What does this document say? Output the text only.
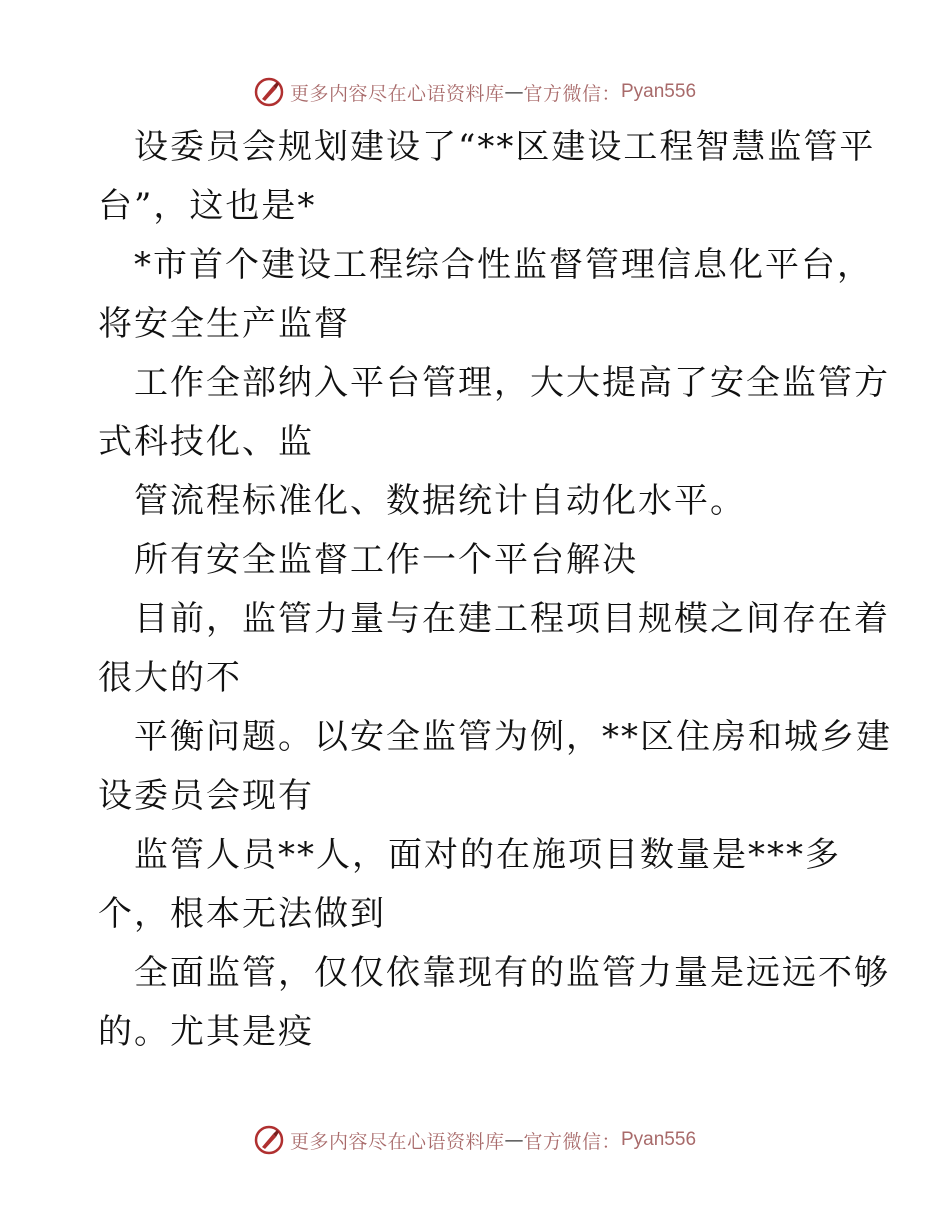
更多内容尽在心语资料库 — 官方微信： Pyan556
设委员会规划建设了“**区建设工程智慧监管平
台”，这也是*
*市首个建设工程综合性监督管理信息化平台，
将安全生产监督
工作全部纳入平台管理，大大提高了安全监管方
式科技化、监
管流程标准化、数据统计自动化水平。
所有安全监督工作一个平台解决
目前，监管力量与在建工程项目规模之间存在着
很大的不
平衡问题。以安全监管为例，**区住房和城乡建
设委员会现有
监管人员**人，面对的在施项目数量是***多
个，根本无法做到
全面监管，仅仅依靠现有的监管力量是远远不够
的。尤其是疫
更多内容尽在心语资料库 — 官方微信： Pyan556
